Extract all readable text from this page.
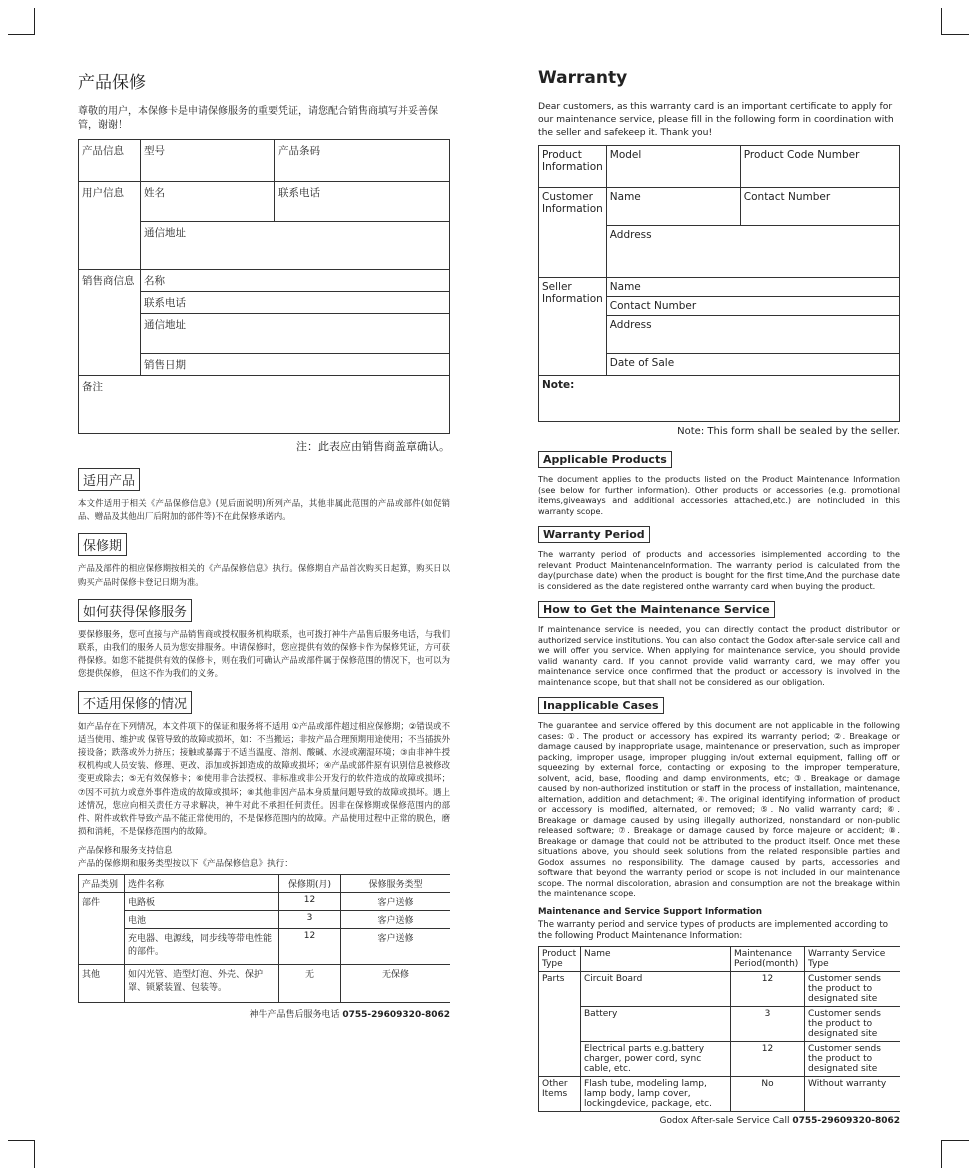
产品保修
尊敬的用户，本保修卡是申请保修服务的重要凭证，请您配合销售商填写并妥善保管，谢谢！
产品信息	型号	产品条码
用户信息	姓名	联系电话
	通信地址	
销售商信息	名称	
	联系电话	
	通信地址	
	销售日期	
备注		
注：此表应由销售商盖章确认。
适用产品
本文件适用于相关《产品保修信息》(见后面说明)所列产品，其他非属此范围的产品或部件(如促销品、赠品及其他出厂后附加的部件等)不在此保修承诺内。
保修期
产品及部件的相应保修期按相关的《产品保修信息》执行。保修期自产品首次购买日起算，购买日以购买产品时保修卡登记日期为准。
如何获得保修服务
要保修服务，您可直接与产品销售商或授权服务机构联系，也可拨打神牛产品售后服务电话，与我们联系，由我们的服务人员为您安排服务。申请保修时，您应提供有效的保修卡作为保修凭证，方可获得保修。如您不能提供有效的保修卡，则在我们可确认产品或部件属于保修范围的情况下，也可以为您提供保修， 但这不作为我们的义务。
不适用保修的情况
如产品存在下列情况，本文件项下的保证和服务将不适用 ①产品或部件超过相应保修期；②错误或不适当使用、维护或 保管导致的故障或损坏，如：不当搬运；非按产品合理预期用途使用；不当插拔外接设备；跌落或外力挤压；接触或暴露于不适当温度、溶剂、酸碱、水浸或潮湿环境；③由非神牛授权机构或人员安装、修理、更改、添加或拆卸造成的故障或损坏；④产品或部件原有识别信息被修改变更或除去；⑤无有效保修卡；⑥使用非合法授权、非标准或非公开发行的软件造成的故障或损坏；⑦因不可抗力或意外事件造成的故障或损坏；⑧其他非因产品本身质量问题导致的故障或损坏。遇上述情况，您应向相关责任方寻求解决，神牛对此不承担任何责任。因非在保修期或保修范围内的部件、附件或软件导致产品不能正常使用的，不是保修范围内的故障。产品使用过程中正常的脱色，磨损和消耗，不是保修范围内的故障。
产品保修和服务支持信息
产品的保修期和服务类型按以下《产品保修信息》执行：
产品类别	选件名称	保修期(月)	保修服务类型
部件	电路板	12	客户送修
	电池	3	客户送修
	充电器、电源线，同步线等带电性能的部件。	12	客户送修
其他	如闪光管、造型灯泡、外壳、保护罩、锁紧装置、包装等。	无	无保修
神牛产品售后服务电话 0755-29609320-8062
Warranty
Dear customers, as this warranty card is an important certificate to apply for our maintenance service, please fill in the following form in coordination with the seller and safekeep it. Thank you!
Product Information	Model	Product Code Number
Customer Information	Name	Contact Number
	Address	
Seller Information	Name	
	Contact Number	
	Address	
	Date of Sale	
Note:		
Note: This form shall be sealed by the seller.
Applicable Products
The document applies to the products listed on the Product Maintenance Information (see below for further information). Other products or accessories (e.g. promotional items,giveaways and additional accessories attached,etc.) are notincluded in this warranty scope.
Warranty Period
The warranty period of products and accessories isimplemented according to the relevant Product MaintenanceInformation. The warranty period is calculated from the day(purchase date) when the product is bought for the first time,And the purchase date is considered as the date registered onthe warranty card when buying the product.
How to Get the Maintenance Service
If maintenance service is needed, you can directly contact the product distributor or authorized service institutions. You can also contact the Godox after-sale service call and we will offer you service. When applying for maintenance service, you should provide valid wananty card. If you cannot provide valid warranty card, we may offer you maintenance service once confirmed that the product or accessory is involved in the maintenance scope, but that shall not be considered as our obligation.
Inapplicable Cases
The guarantee and service offered by this document are not applicable in the following cases: ①. The product or accessory has expired its warranty period; ②. Breakage or damage caused by inappropriate usage, maintenance or preservation, such as improper packing, improper usage, improper plugging in/out external equipment, falling off or squeezing by external force, contacting or exposing to the improper temperature, solvent, acid, base, flooding and damp environments, etc; ③. Breakage or damage caused by non-authorized institution or staff in the process of installation, maintenance, alternation, addition and detachment; ④. The original identifying information of product or accessory is modified, alternated, or removed; ⑤. No valid warranty card; ⑥. Breakage or damage caused by using illegally authorized, nonstandard or non-public released software; ⑦. Breakage or damage caused by force majeure or accident; ⑧. Breakage or damage that could not be attributed to the product itself. Once met these situations above, you should seek solutions from the related responsible parties and Godox assumes no responsibility. The damage caused by parts, accessories and software that beyond the warranty period or scope is not included in our maintenance scope. The normal discoloration, abrasion and consumption are not the breakage within the maintenance scope.
Maintenance and Service Support Information
The warranty period and service types of products are implemented according to the following Product Maintenance Information:
Product Type	Name	Maintenance Period(month)	Warranty Service Type
Parts	Circuit Board	12	Customer sends the product to designated site
	Battery	3	Customer sends the product to designated site
	Electrical parts e.g.battery charger, power cord, sync cable, etc.	12	Customer sends the product to designated site
Other Items	Flash tube, modeling lamp, lamp body, lamp cover, lockingdevice, package, etc.	No	Without warranty
Godox After-sale Service Call 0755-29609320-8062
